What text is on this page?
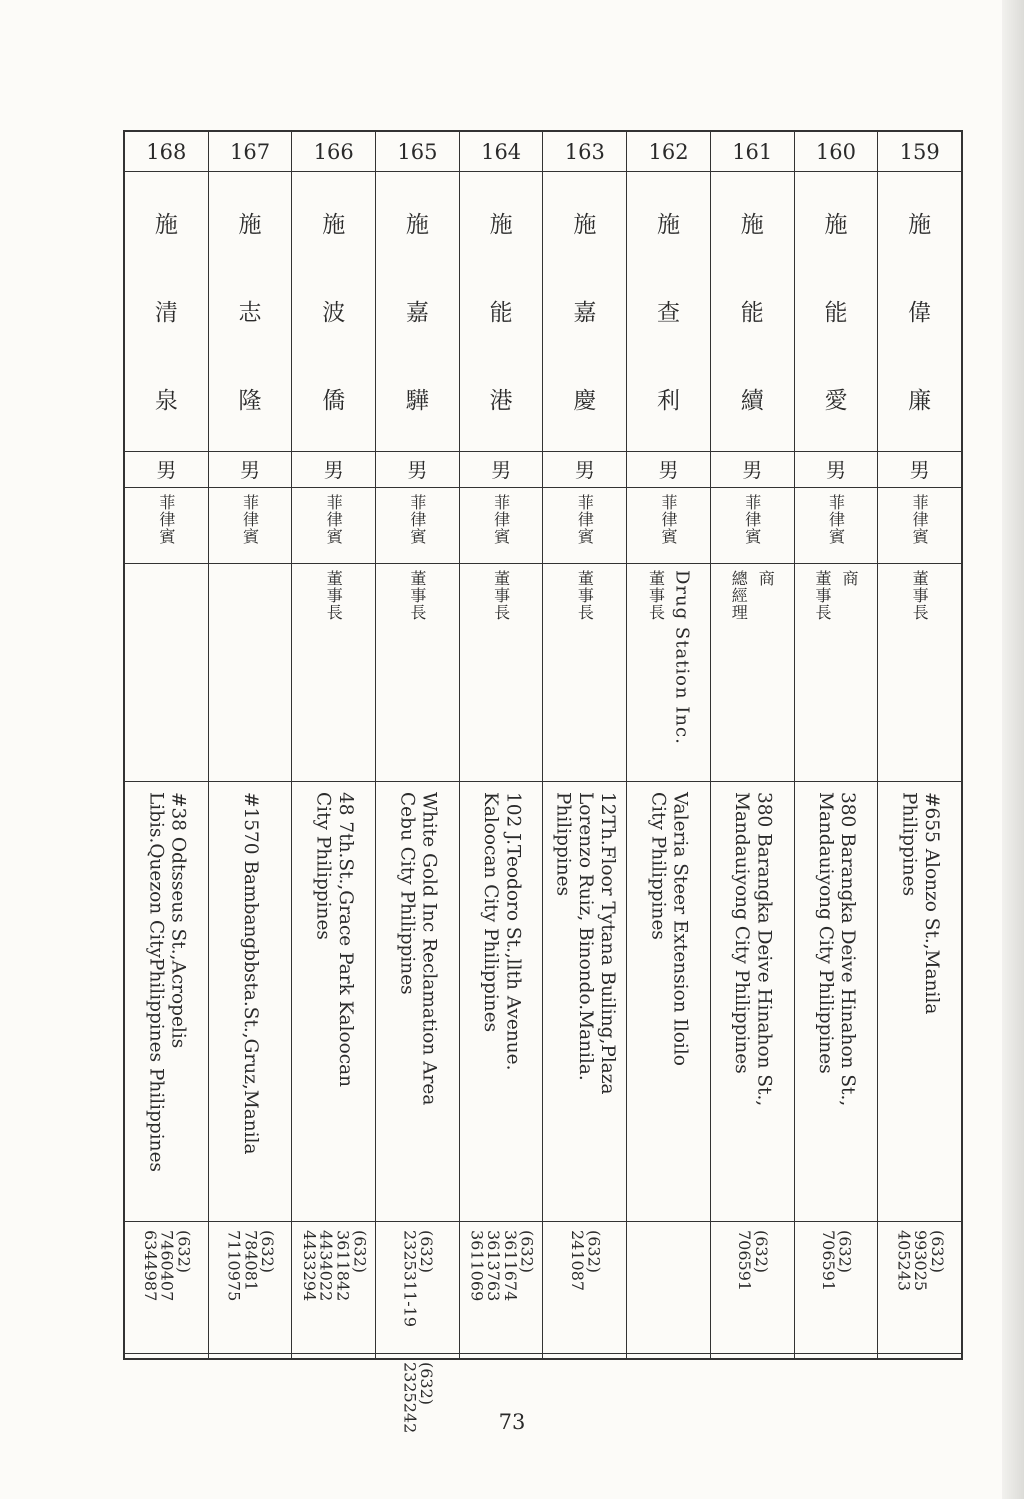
159
施
偉
廉
男
菲律賓
董事長
#655 Alonzo St.,Manila
Philippines
(632)
993025
405243
160
施
能
愛
男
菲律賓
商
董事長
380 Barangka Deive Hinahon St.,
Mandauiyong City Philippines
(632)
706591
161
施
能
續
男
菲律賓
商
總經理
380 Barangka Deive Hinahon St.,
Mandauiyong City Philippines
(632)
706591
162
施
查
利
男
菲律賓
Drug Station Inc.
董事長
Valeria Steer Extension Iloilo
City Philippines
163
施
嘉
慶
男
菲律賓
董事長
12Th.Floor Tytana Builing,Plaza
Lorenzo Ruiz, Binondo.Manila.
Philippines
(632)
241087
164
施
能
港
男
菲律賓
董事長
102 J.Teodoro St.,llth Avenue.
Kaloocan City Philippines
(632)
3611674
3613763
3611069
165
施
嘉
驊
男
菲律賓
董事長
White Gold Inc Reclamation Area
Cebu City Philippines
(632)
2325311-19
(632)
2325242
166
施
波
僑
男
菲律賓
董事長
48 7th.St.,Grace Park Kaloocan
City Philippines
(632)
3611842
4434022
4433294
167
施
志
隆
男
菲律賓
#1570 Bambangbbsta.St.,Gruz,Manila
(632)
784081
7110975
168
施
清
泉
男
菲律賓
#38 Odtsseus St.,Acropelis
Libis.Quezon CityPhilippines Philippines
(632)
7460407
6344987
73
